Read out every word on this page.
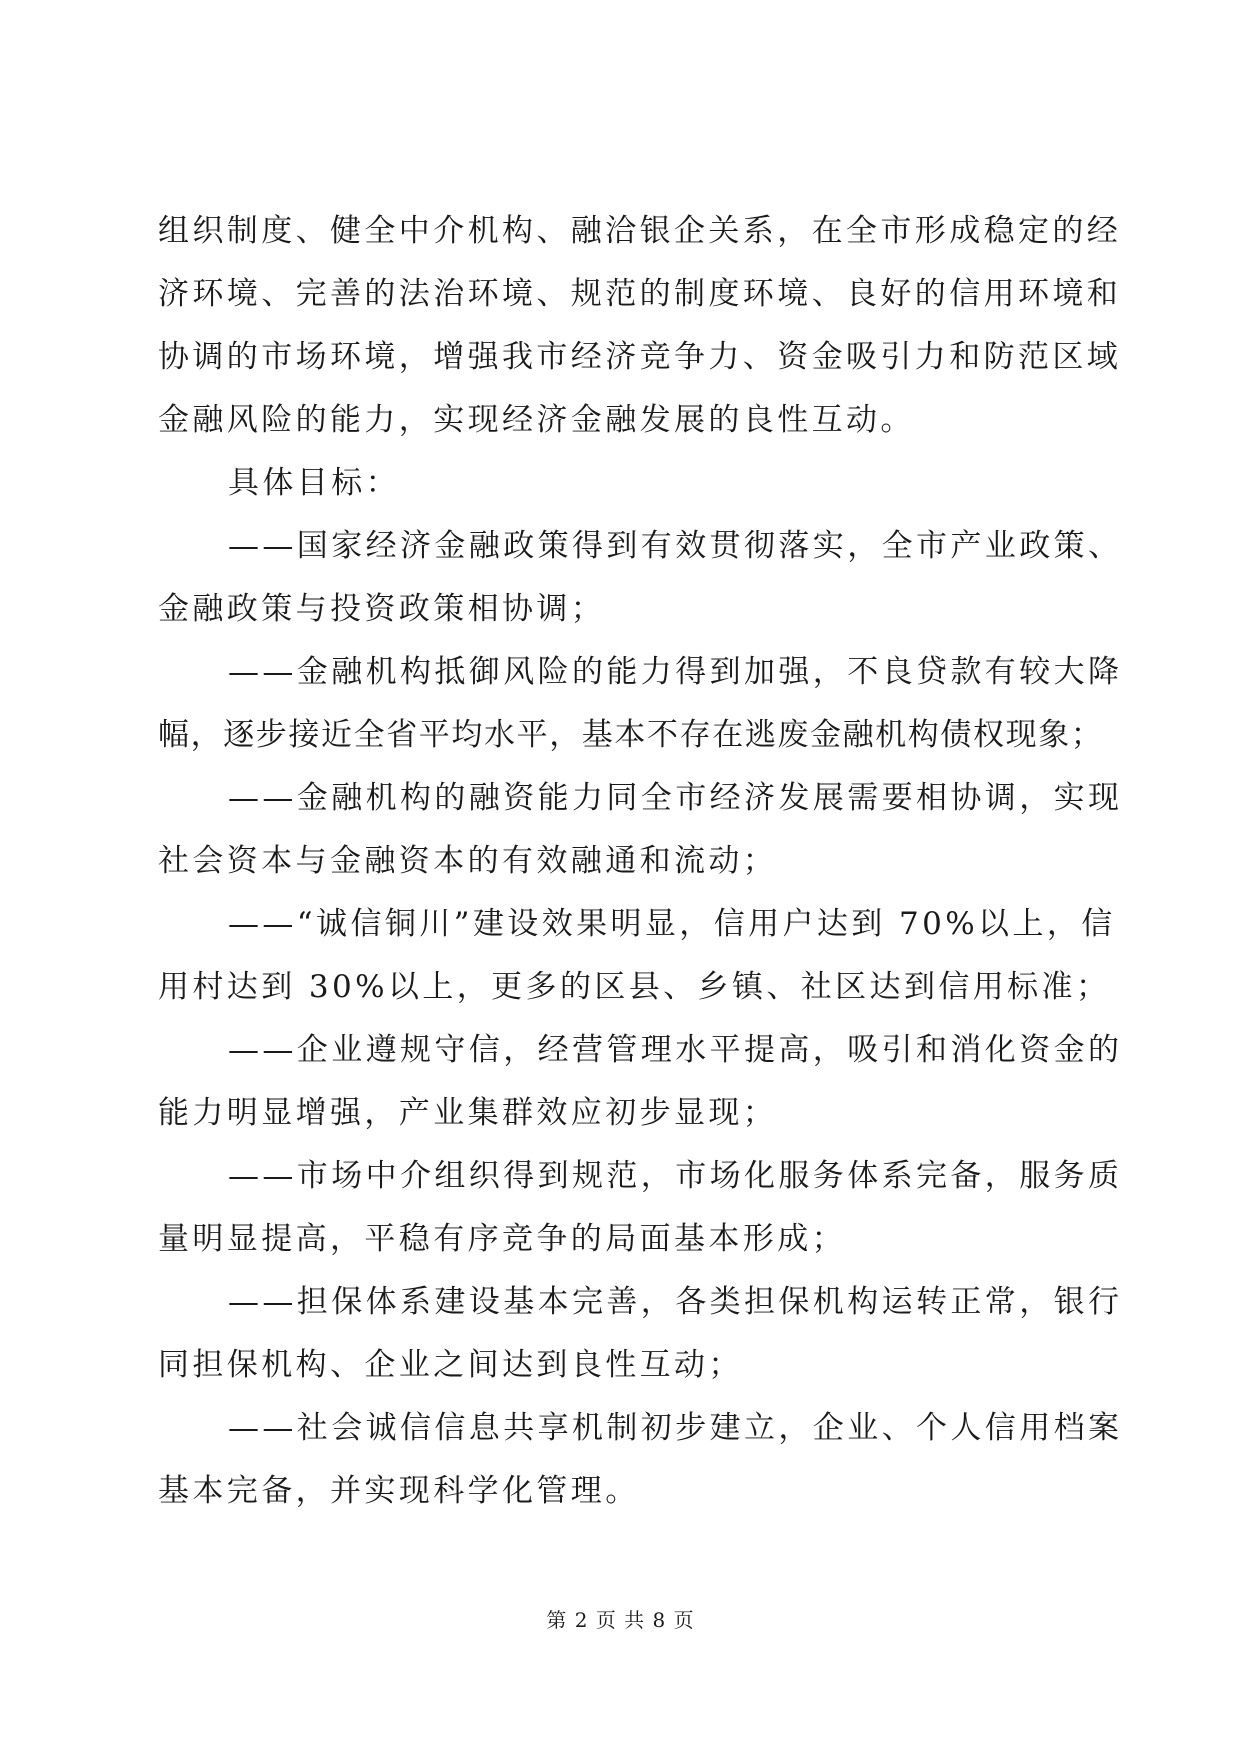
组织制度、健全中介机构、融洽银企关系，在全市形成稳定的经
济环境、完善的法治环境、规范的制度环境、良好的信用环境和
协调的市场环境，增强我市经济竞争力、资金吸引力和防范区域
金融风险的能力，实现经济金融发展的良性互动。
具体目标：
——国家经济金融政策得到有效贯彻落实，全市产业政策、
金融政策与投资政策相协调；
——金融机构抵御风险的能力得到加强，不良贷款有较大降
幅，逐步接近全省平均水平，基本不存在逃废金融机构债权现象；
——金融机构的融资能力同全市经济发展需要相协调，实现
社会资本与金融资本的有效融通和流动；
——“诚信铜川”建设效果明显，信用户达到 70%以上，信
用村达到 30%以上，更多的区县、乡镇、社区达到信用标准；
——企业遵规守信，经营管理水平提高，吸引和消化资金的
能力明显增强，产业集群效应初步显现；
——市场中介组织得到规范，市场化服务体系完备，服务质
量明显提高，平稳有序竞争的局面基本形成；
——担保体系建设基本完善，各类担保机构运转正常，银行
同担保机构、企业之间达到良性互动；
——社会诚信信息共享机制初步建立，企业、个人信用档案
基本完备，并实现科学化管理。
第 2 页 共 8 页
